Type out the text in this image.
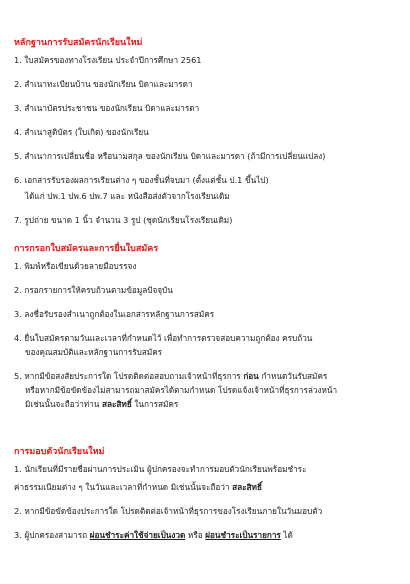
หลักฐานการรับสมัครนักเรียนใหม่
1. ใบสมัครของทางโรงเรียน ประจำปีการศึกษา 2561
2. สำเนาทะเบียนบ้าน ของนักเรียน บิดาและมารดา
3. สำเนาบัตรประชาชน ของนักเรียน บิดาและมารดา
4. สำเนาสูติบัตร (ใบเกิด) ของนักเรียน
5. สำเนาการเปลี่ยนชื่อ หรือนามสกุล ของนักเรียน บิดาและมารดา (ถ้ามีการเปลี่ยนแปลง)
6. เอกสารรับรองผลการเรียนต่าง ๆ ของชั้นที่จบมา (ตั้งแต่ชั้น ป.1 ขึ้นไป)
ได้แก่ ปพ.1 ปพ.6 ปพ.7 และ หนังสือส่งตัวจากโรงเรียนเดิม
7. รูปถ่าย ขนาด 1 นิ้ว จำนวน 3 รูป (ชุดนักเรียนโรงเรียนเดิม)
การกรอกใบสมัครและการยื่นใบสมัคร
1. พิมพ์หรือเขียนด้วยลายมือบรรจง
2. กรอกรายการให้ครบถ้วนตามข้อมูลปัจจุบัน
3. ลงชื่อรับรองสำเนาถูกต้องในเอกสารหลักฐานการสมัคร
4. ยื่นใบสมัครตามวันและเวลาที่กำหนดไว้ เพื่อทำการตรวจสอบความถูกต้อง ครบถ้วน
ของคุณสมบัติและหลักฐานการรับสมัคร
5. หากมีข้อสงสัยประการใด โปรดติดต่อสอบถามเจ้าหน้าที่ธุรการ ก่อน กำหนดวันรับสมัคร
หรือหากมีข้อขัดข้องไม่สามารถมาสมัครได้ตามกำหนด โปรดแจ้งเจ้าหน้าที่ธุรการล่วงหน้า
มิเช่นนั้นจะถือว่าท่าน สละสิทธิ์ ในการสมัคร
การมอบตัวนักเรียนใหม่
1. นักเรียนที่มีรายชื่อผ่านการประเมิน ผู้ปกครองจะทำการมอบตัวนักเรียนพร้อมชำระ
ค่าธรรมเนียมต่าง ๆ ในวันและเวลาที่กำหนด มิเช่นนั้นจะถือว่า สละสิทธิ์
2. หากมีข้อขัดข้องประการใด โปรดติดต่อเจ้าหน้าที่ธุรการของโรงเรียนภายในวันมอบตัว
3. ผู้ปกครองสามารถ ผ่อนชำระค่าใช้จ่ายเป็นงวด หรือ ผ่อนชำระเป็นรายการ ได้
